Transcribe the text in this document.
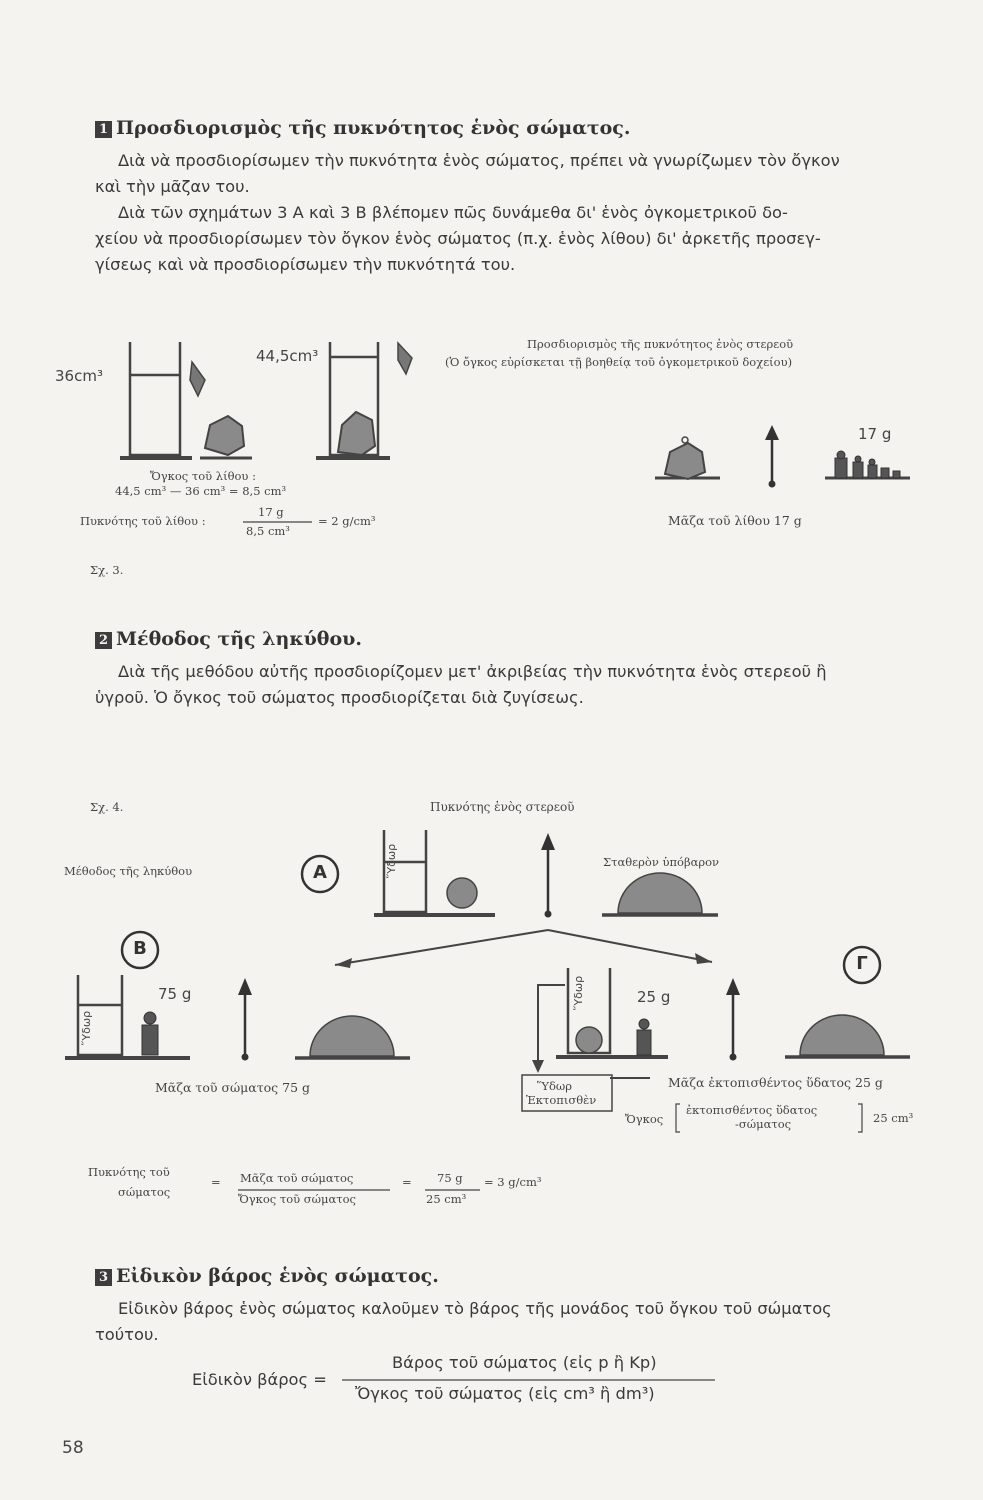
1 Προσδιορισμὸς τῆς πυκνότητος ἑνὸς σώματος.
Διὰ νὰ προσδιορίσωμεν τὴν πυκνότητα ἑνὸς σώματος, πρέπει νὰ γνωρίζωμεν τὸν ὄγκον
καὶ τὴν μᾶζαν του.
Διὰ τῶν σχημάτων 3 Α καὶ 3 Β βλέπομεν πῶς δυνάμεθα δι' ἑνὸς ὀγκομετρικοῦ δο-
χείου νὰ προσδιορίσωμεν τὸν ὄγκον ἑνὸς σώματος (π.χ. ἑνὸς λίθου) δι' ἀρκετῆς προσεγ-
γίσεως καὶ νὰ προσδιορίσωμεν τὴν πυκνότητά του.
36cm³
44,5cm³
Προσδιορισμὸς τῆς πυκνότητος ἑνὸς στερεοῦ
(Ὁ ὄγκος εὑρίσκεται τῇ βοηθείᾳ τοῦ ὀγκομετρικοῦ δοχείου)
Ὄγκος τοῦ λίθου :
44,5 cm³ — 36 cm³ = 8,5 cm³
Πυκνότης τοῦ λίθου :
17 g
8,5 cm³
= 2 g/cm³
17 g
Μᾶζα τοῦ λίθου 17 g
Σχ. 3.
2 Μέθοδος τῆς ληκύθου.
Διὰ τῆς μεθόδου αὐτῆς προσδιορίζομεν μετ' ἀκριβείας τὴν πυκνότητα ἑνὸς στερεοῦ ἢ
ὑγροῦ. Ὁ ὄγκος τοῦ σώματος προσδιορίζεται διὰ ζυγίσεως.
Σχ. 4.	Πυκνότης ἑνὸς στερεοῦ
Μέθοδος τῆς ληκύθου	A
B
Γ
Ὕδωρ
Ὕδωρ
Ὕδωρ
Σταθερὸν ὑπόβαρον
75 g	25 g
Μᾶζα τοῦ σώματος 75 g	Ὕδωρ
Ἐκτοπισθὲν
Μᾶζα ἐκτοπισθέντος ὕδατος 25 g
Ὄγκος
ἐκτοπισθέντος ὕδατος
-σώματος	25 cm³
Πυκνότης τοῦ
σώματος
= Μᾶζα τοῦ σώματος
Ὄγκος τοῦ σώματος
= 75 g
25 cm³
= 3 g/cm³
3 Εἰδικὸν βάρος ἑνὸς σώματος.
Εἰδικὸν βάρος ἑνὸς σώματος καλοῦμεν τὸ βάρος τῆς μονάδος τοῦ ὄγκου τοῦ σώματος
τούτου.
Εἰδικὸν βάρος =
Βάρος τοῦ σώματος (εἰς p ἢ Kp)
Ὄγκος τοῦ σώματος (εἰς cm³ ἢ dm³)
58
